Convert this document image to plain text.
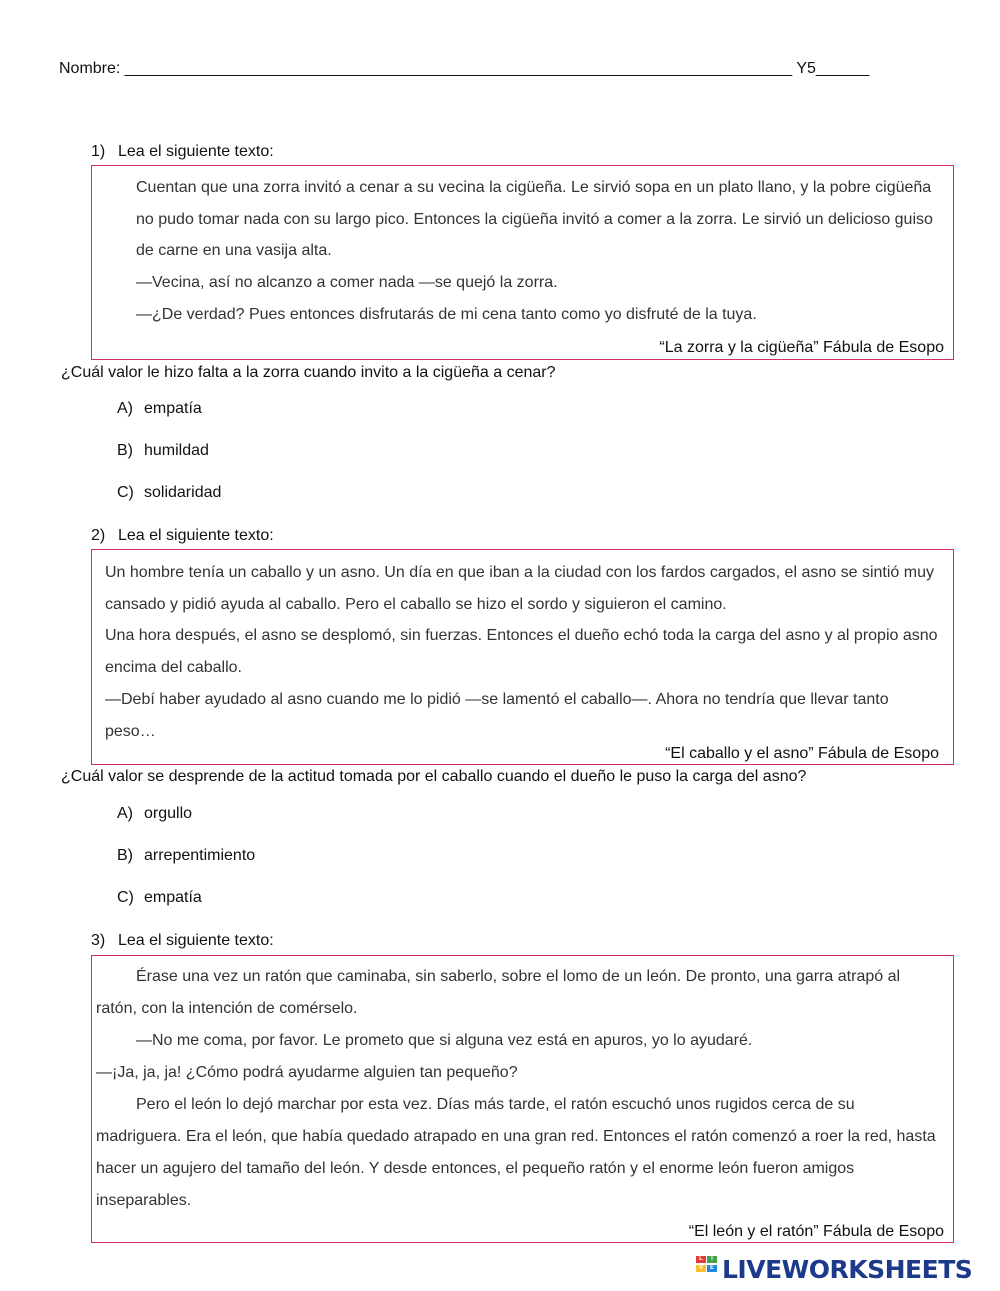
Nombre: ___________________________________________________________________________ Y5______
1) Lea el siguiente texto:

Cuentan que una zorra invitó a cenar a su vecina la cigüeña. Le sirvió sopa en un plato llano, y la pobre cigüeña

no pudo tomar nada con su largo pico. Entonces la cigüeña invitó a comer a la zorra. Le sirvió un delicioso guiso

de carne en una vasija alta.

—Vecina, así no alcanzo a comer nada —se quejó la zorra.

—¿De verdad? Pues entonces disfrutarás de mi cena tanto como yo disfruté de la tuya.

“La zorra y la cigüeña” Fábula de Esopo

¿Cuál valor le hizo falta a la zorra cuando invito a la cigüeña a cenar?
A) empatía
B) humildad
C) solidaridad
2) Lea el siguiente texto:

Un hombre tenía un caballo y un asno. Un día en que iban a la ciudad con los fardos cargados, el asno se sintió muy

cansado y pidió ayuda al caballo. Pero el caballo se hizo el sordo y siguieron el camino.

Una hora después, el asno se desplomó, sin fuerzas. Entonces el dueño echó toda la carga del asno y al propio asno

encima del caballo.

—Debí haber ayudado al asno cuando me lo pidió —se lamentó el caballo—. Ahora no tendría que llevar tanto

peso…

“El caballo y el asno” Fábula de Esopo

¿Cuál valor se desprende de la actitud tomada por el caballo cuando el dueño le puso la carga del asno?
A) orgullo
B) arrepentimiento
C) empatía
3) Lea el siguiente texto:

Érase una vez un ratón que caminaba, sin saberlo, sobre el lomo de un león. De pronto, una garra atrapó al

ratón, con la intención de comérselo.

—No me coma, por favor. Le prometo que si alguna vez está en apuros, yo lo ayudaré.

—¡Ja, ja, ja! ¿Cómo podrá ayudarme alguien tan pequeño?

Pero el león lo dejó marchar por esta vez. Días más tarde, el ratón escuchó unos rugidos cerca de su

madriguera. Era el león, que había quedado atrapado en una gran red. Entonces el ratón comenzó a roer la red, hasta

hacer un agujero del tamaño del león. Y desde entonces, el pequeño ratón y el enorme león fueron amigos

inseparables.

“El león y el ratón” Fábula de Esopo

L	I
V	E LIVEWORKSHEETS
